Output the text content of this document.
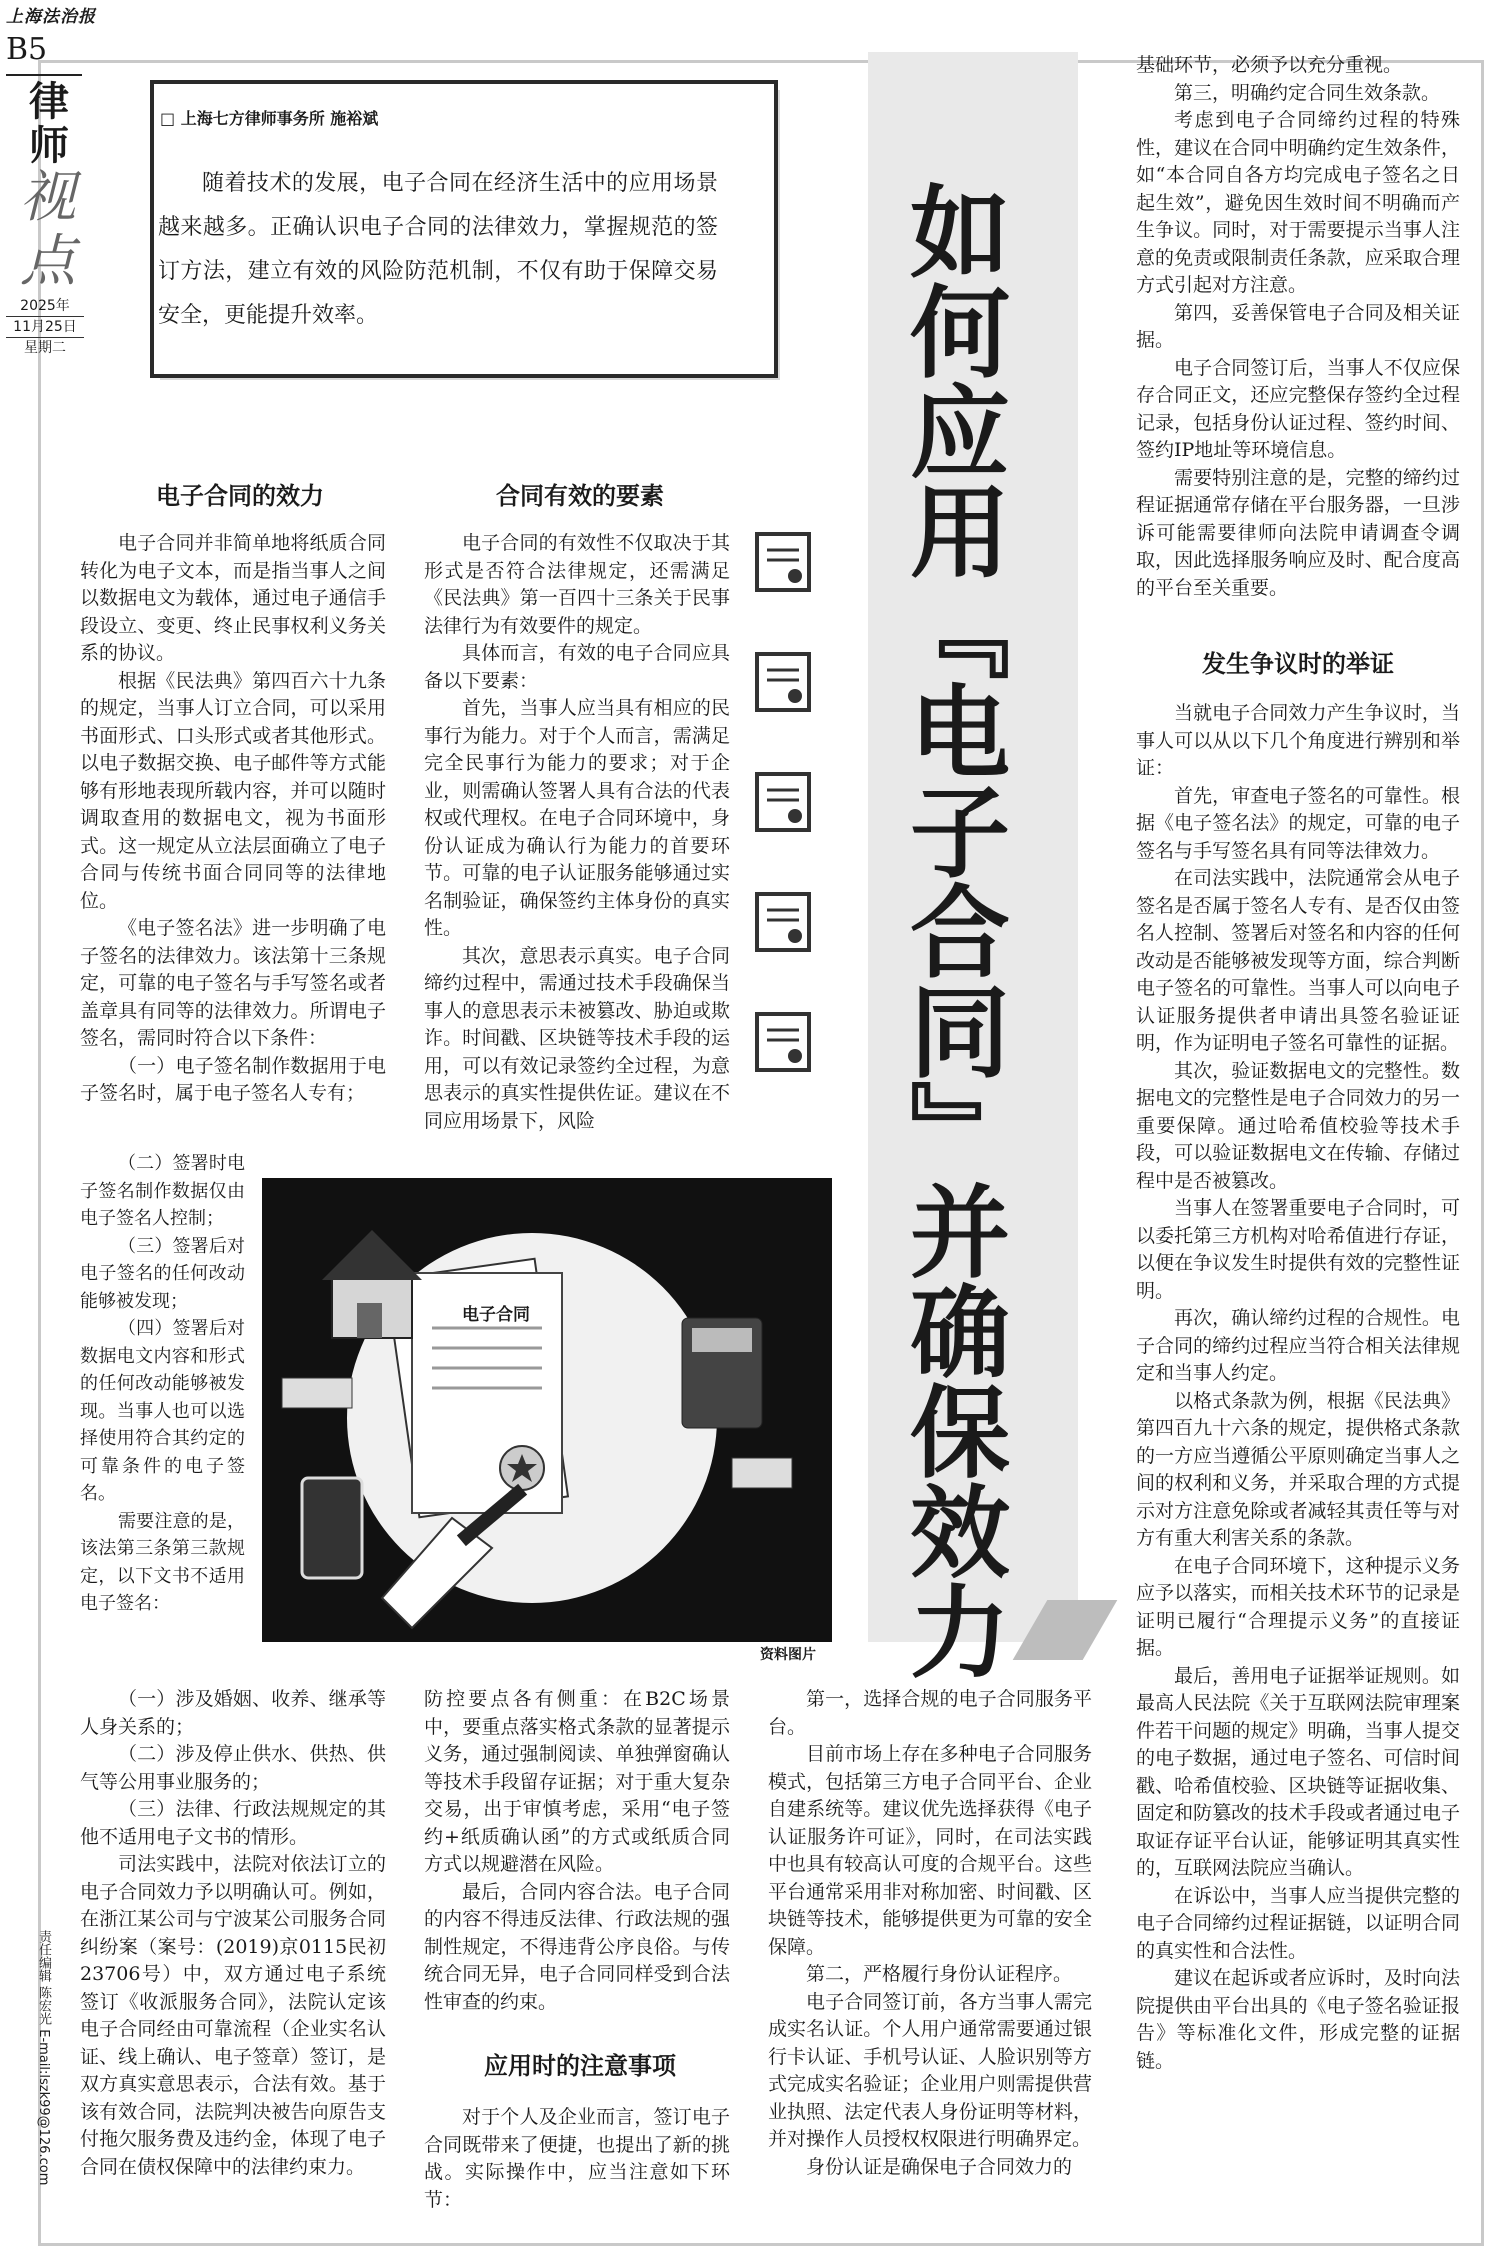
上海法治报
B5
律师
视点
2025年
11月25日
星期二
责任编辑 陈宏光 E-mail:lszk99@126.com
□ 上海七方律师事务所 施裕斌
随着技术的发展，电子合同在经济生活中的应用场景越来越多。正确认识电子合同的法律效力，掌握规范的签订方法，建立有效的风险防范机制，不仅有助于保障交易安全，更能提升效率。	如何应用『电子合同』并确保效力
电子合同的效力

电子合同并非简单地将纸质合同转化为电子文本，而是指当事人之间以数据电文为载体，通过电子通信手段设立、变更、终止民事权利义务关系的协议。

根据《民法典》第四百六十九条的规定，当事人订立合同，可以采用书面形式、口头形式或者其他形式。以电子数据交换、电子邮件等方式能够有形地表现所载内容，并可以随时调取查用的数据电文，视为书面形式。这一规定从立法层面确立了电子合同与传统书面合同同等的法律地位。

《电子签名法》进一步明确了电子签名的法律效力。该法第十三条规定，可靠的电子签名与手写签名或者盖章具有同等的法律效力。所谓电子签名，需同时符合以下条件：

（一）电子签名制作数据用于电子签名时，属于电子签名人专有；

（二）签署时电子签名制作数据仅由电子签名人控制；

（三）签署后对电子签名的任何改动能够被发现；

（四）签署后对数据电文内容和形式的任何改动能够被发现。当事人也可以选择使用符合其约定的可靠条件的电子签名。

需要注意的是，该法第三条第三款规定，以下文书不适用电子签名：

（一）涉及婚姻、收养、继承等人身关系的；

（二）涉及停止供水、供热、供气等公用事业服务的；

（三）法律、行政法规规定的其他不适用电子文书的情形。

司法实践中，法院对依法订立的电子合同效力予以明确认可。例如，在浙江某公司与宁波某公司服务合同纠纷案（案号：(2019)京0115民初23706号）中，双方通过电子系统签订《收派服务合同》，法院认定该电子合同经由可靠流程（企业实名认证、线上确认、电子签章）签订，是双方真实意思表示，合法有效。基于该有效合同，法院判决被告向原告支付拖欠服务费及违约金，体现了电子合同在债权保障中的法律约束力。

合同有效的要素

电子合同的有效性不仅取决于其形式是否符合法律规定，还需满足《民法典》第一百四十三条关于民事法律行为有效要件的规定。

具体而言，有效的电子合同应具备以下要素：

首先，当事人应当具有相应的民事行为能力。对于个人而言，需满足完全民事行为能力的要求；对于企业，则需确认签署人具有合法的代表权或代理权。在电子合同环境中，身份认证成为确认行为能力的首要环节。可靠的电子认证服务能够通过实名制验证，确保签约主体身份的真实性。

其次，意思表示真实。电子合同缔约过程中，需通过技术手段确保当事人的意思表示未被篡改、胁迫或欺诈。时间戳、区块链等技术手段的运用，可以有效记录签约全过程，为意思表示的真实性提供佐证。建议在不同应用场景下，风险

防控要点各有侧重：在B2C场景中，要重点落实格式条款的显著提示义务，通过强制阅读、单独弹窗确认等技术手段留存证据；对于重大复杂交易，出于审慎考虑，采用“电子签约+纸质确认函”的方式或纸质合同方式以规避潜在风险。

最后，合同内容合法。电子合同的内容不得违反法律、行政法规的强制性规定，不得违背公序良俗。与传统合同无异，电子合同同样受到合法性审查的约束。

应用时的注意事项

对于个人及企业而言，签订电子合同既带来了便捷，也提出了新的挑战。实际操作中，应当注意如下环节：

第一，选择合规的电子合同服务平台。

目前市场上存在多种电子合同服务模式，包括第三方电子合同平台、企业自建系统等。建议优先选择获得《电子认证服务许可证》，同时，在司法实践中也具有较高认可度的合规平台。这些平台通常采用非对称加密、时间戳、区块链等技术，能够提供更为可靠的安全保障。

第二，严格履行身份认证程序。

电子合同签订前，各方当事人需完成实名认证。个人用户通常需要通过银行卡认证、手机号认证、人脸识别等方式完成实名验证；企业用户则需提供营业执照、法定代表人身份证明等材料，并对操作人员授权权限进行明确界定。

身份认证是确保电子合同效力的

电子合同
资料图片

基础环节，必须予以充分重视。

第三，明确约定合同生效条款。

考虑到电子合同缔约过程的特殊性，建议在合同中明确约定生效条件，如“本合同自各方均完成电子签名之日起生效”，避免因生效时间不明确而产生争议。同时，对于需要提示当事人注意的免责或限制责任条款，应采取合理方式引起对方注意。

第四，妥善保管电子合同及相关证据。

电子合同签订后，当事人不仅应保存合同正文，还应完整保存签约全过程记录，包括身份认证过程、签约时间、签约IP地址等环境信息。

需要特别注意的是，完整的缔约过程证据通常存储在平台服务器，一旦涉诉可能需要律师向法院申请调查令调取，因此选择服务响应及时、配合度高的平台至关重要。

发生争议时的举证

当就电子合同效力产生争议时，当事人可以从以下几个角度进行辨别和举证：

首先，审查电子签名的可靠性。根据《电子签名法》的规定，可靠的电子签名与手写签名具有同等法律效力。

在司法实践中，法院通常会从电子签名是否属于签名人专有、是否仅由签名人控制、签署后对签名和内容的任何改动是否能够被发现等方面，综合判断电子签名的可靠性。当事人可以向电子认证服务提供者申请出具签名验证证明，作为证明电子签名可靠性的证据。

其次，验证数据电文的完整性。数据电文的完整性是电子合同效力的另一重要保障。通过哈希值校验等技术手段，可以验证数据电文在传输、存储过程中是否被篡改。

当事人在签署重要电子合同时，可以委托第三方机构对哈希值进行存证，以便在争议发生时提供有效的完整性证明。

再次，确认缔约过程的合规性。电子合同的缔约过程应当符合相关法律规定和当事人约定。

以格式条款为例，根据《民法典》第四百九十六条的规定，提供格式条款的一方应当遵循公平原则确定当事人之间的权利和义务，并采取合理的方式提示对方注意免除或者减轻其责任等与对方有重大利害关系的条款。

在电子合同环境下，这种提示义务应予以落实，而相关技术环节的记录是证明已履行“合理提示义务”的直接证据。

最后，善用电子证据举证规则。如最高人民法院《关于互联网法院审理案件若干问题的规定》明确，当事人提交的电子数据，通过电子签名、可信时间戳、哈希值校验、区块链等证据收集、固定和防篡改的技术手段或者通过电子取证存证平台认证，能够证明其真实性的，互联网法院应当确认。

在诉讼中，当事人应当提供完整的电子合同缔约过程证据链，以证明合同的真实性和合法性。

建议在起诉或者应诉时，及时向法院提供由平台出具的《电子签名验证报告》等标准化文件，形成完整的证据链。
